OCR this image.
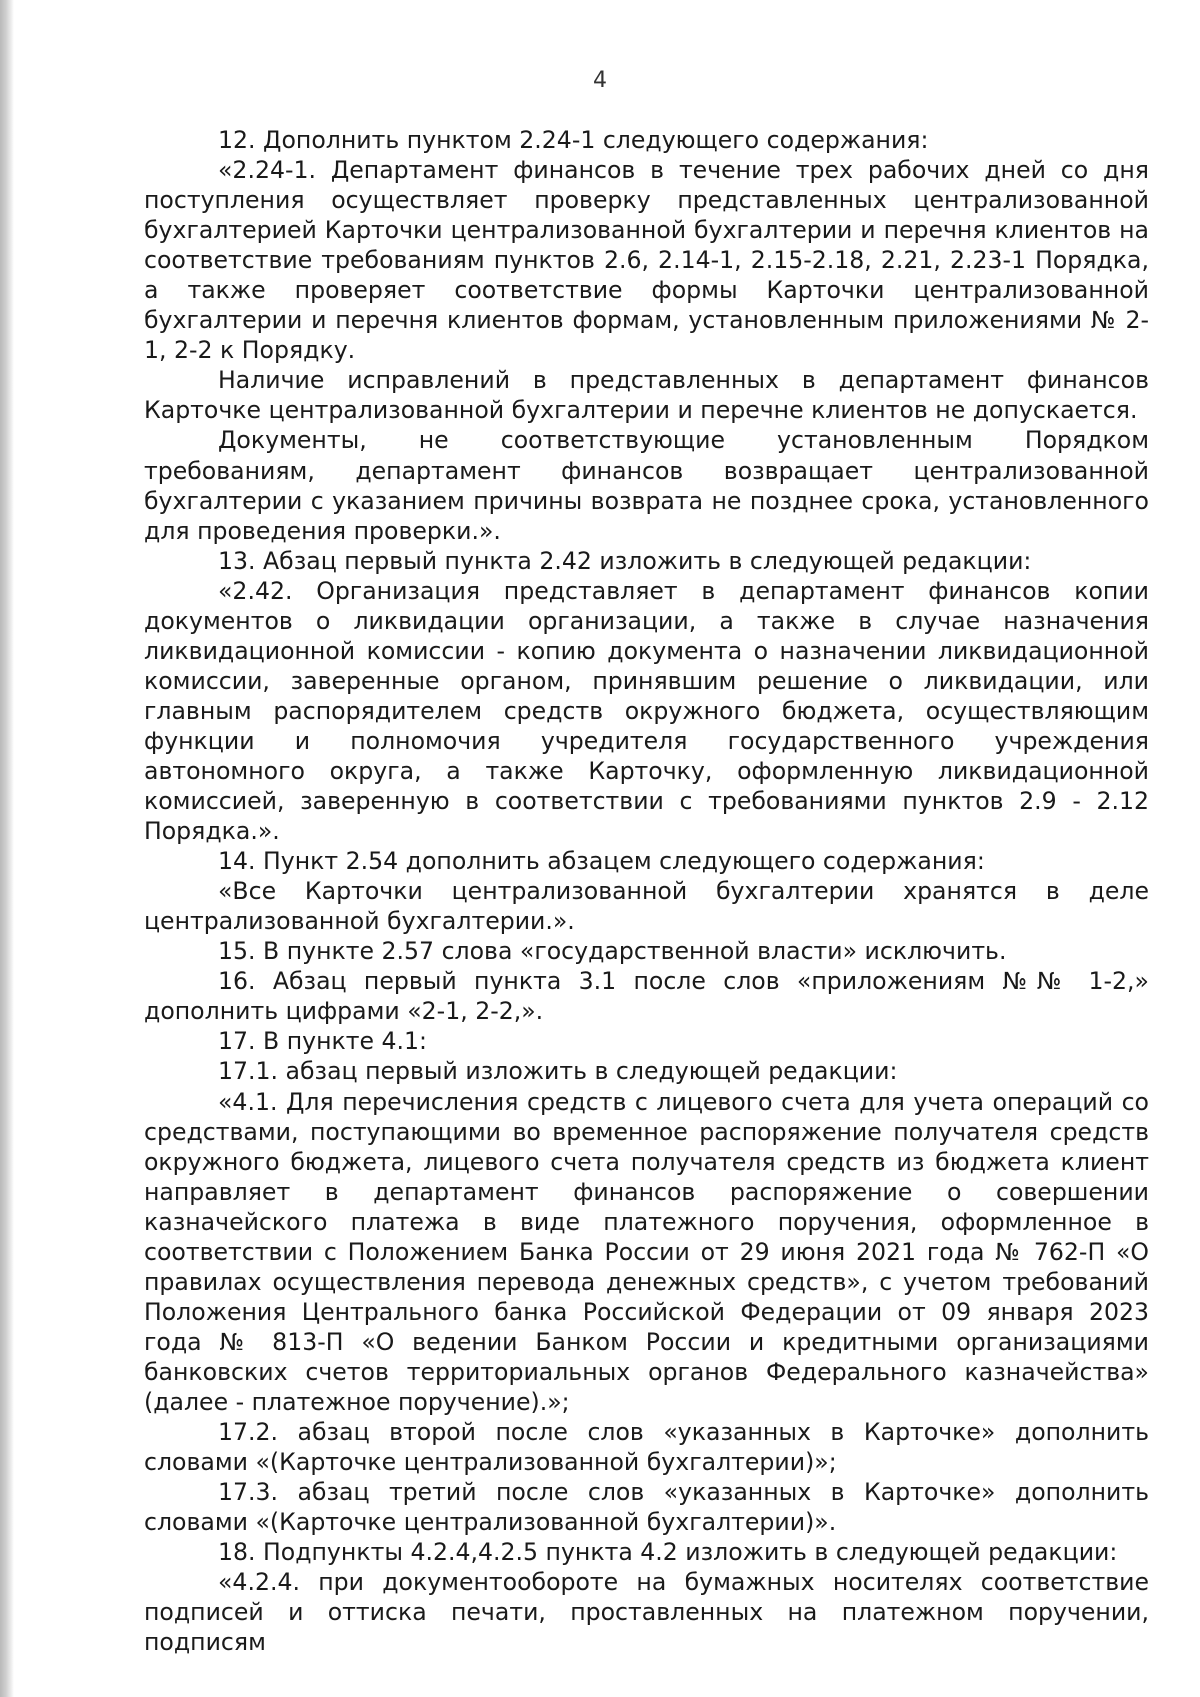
4

12. Дополнить пунктом 2.24-1 следующего содержания:

«2.24-1. Департамент финансов в течение трех рабочих дней со дня поступления осуществляет проверку представленных централизованной бухгалтерией Карточки централизованной бухгалтерии и перечня клиентов на соответствие требованиям пунктов 2.6, 2.14-1, 2.15-2.18, 2.21, 2.23-1 Порядка, а также проверяет соответствие формы Карточки централизованной бухгалтерии и перечня клиентов формам, установленным приложениями № 2-1, 2-2 к Порядку.

Наличие исправлений в представленных в департамент финансов Карточке централизованной бухгалтерии и перечне клиентов не допускается.

Документы, не соответствующие установленным Порядком требованиям, департамент финансов возвращает централизованной бухгалтерии с указанием причины возврата не позднее срока, установленного для проведения проверки.».

13. Абзац первый пункта 2.42 изложить в следующей редакции:

«2.42. Организация представляет в департамент финансов копии документов о ликвидации организации, а также в случае назначения ликвидационной комиссии - копию документа о назначении ликвидационной комиссии, заверенные органом, принявшим решение о ликвидации, или главным распорядителем средств окружного бюджета, осуществляющим функции и полномочия учредителя государственного учреждения автономного округа, а также Карточку, оформленную ликвидационной комиссией, заверенную в соответствии с требованиями пунктов 2.9 - 2.12 Порядка.».

14. Пункт 2.54 дополнить абзацем следующего содержания:

«Все Карточки централизованной бухгалтерии хранятся в деле централизованной бухгалтерии.».

15. В пункте 2.57 слова «государственной власти» исключить.

16. Абзац первый пункта 3.1 после слов «приложениям №№ 1-2,» дополнить цифрами «2-1, 2-2,».

17. В пункте 4.1:

17.1. абзац первый изложить в следующей редакции:

«4.1. Для перечисления средств с лицевого счета для учета операций со средствами, поступающими во временное распоряжение получателя средств окружного бюджета, лицевого счета получателя средств из бюджета клиент направляет в департамент финансов распоряжение о совершении казначейского платежа в виде платежного поручения, оформленное в соответствии с Положением Банка России от 29 июня 2021 года № 762-П «О правилах осуществления перевода денежных средств», с учетом требований Положения Центрального банка Российской Федерации от 09 января 2023 года № 813-П «О ведении Банком России и кредитными организациями банковских счетов территориальных органов Федерального казначейства» (далее - платежное поручение).»;

17.2. абзац второй после слов «указанных в Карточке» дополнить словами «(Карточке централизованной бухгалтерии)»;

17.3. абзац третий после слов «указанных в Карточке» дополнить словами «(Карточке централизованной бухгалтерии)».

18. Подпункты 4.2.4,4.2.5 пункта 4.2 изложить в следующей редакции:

«4.2.4. при документообороте на бумажных носителях соответствие подписей и оттиска печати, проставленных на платежном поручении, подписям
